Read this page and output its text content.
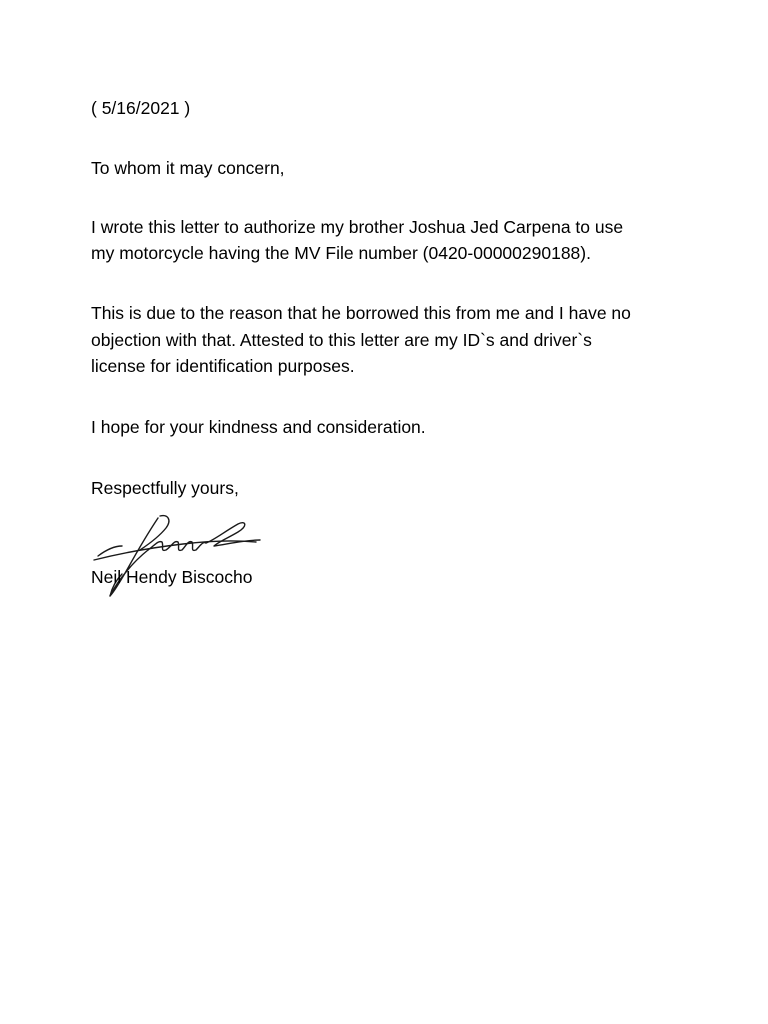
( 5/16/2021 )

To whom it may concern,

I wrote this letter to authorize my brother Joshua Jed Carpena to use

my motorcycle having the MV File number (0420-00000290188).

This is due to the reason that he borrowed this from me and I have no

objection with that. Attested to this letter are my ID`s and driver`s

license for identification purposes.

I hope for your kindness and consideration.

Respectfully yours,

Neil Hendy Biscocho
